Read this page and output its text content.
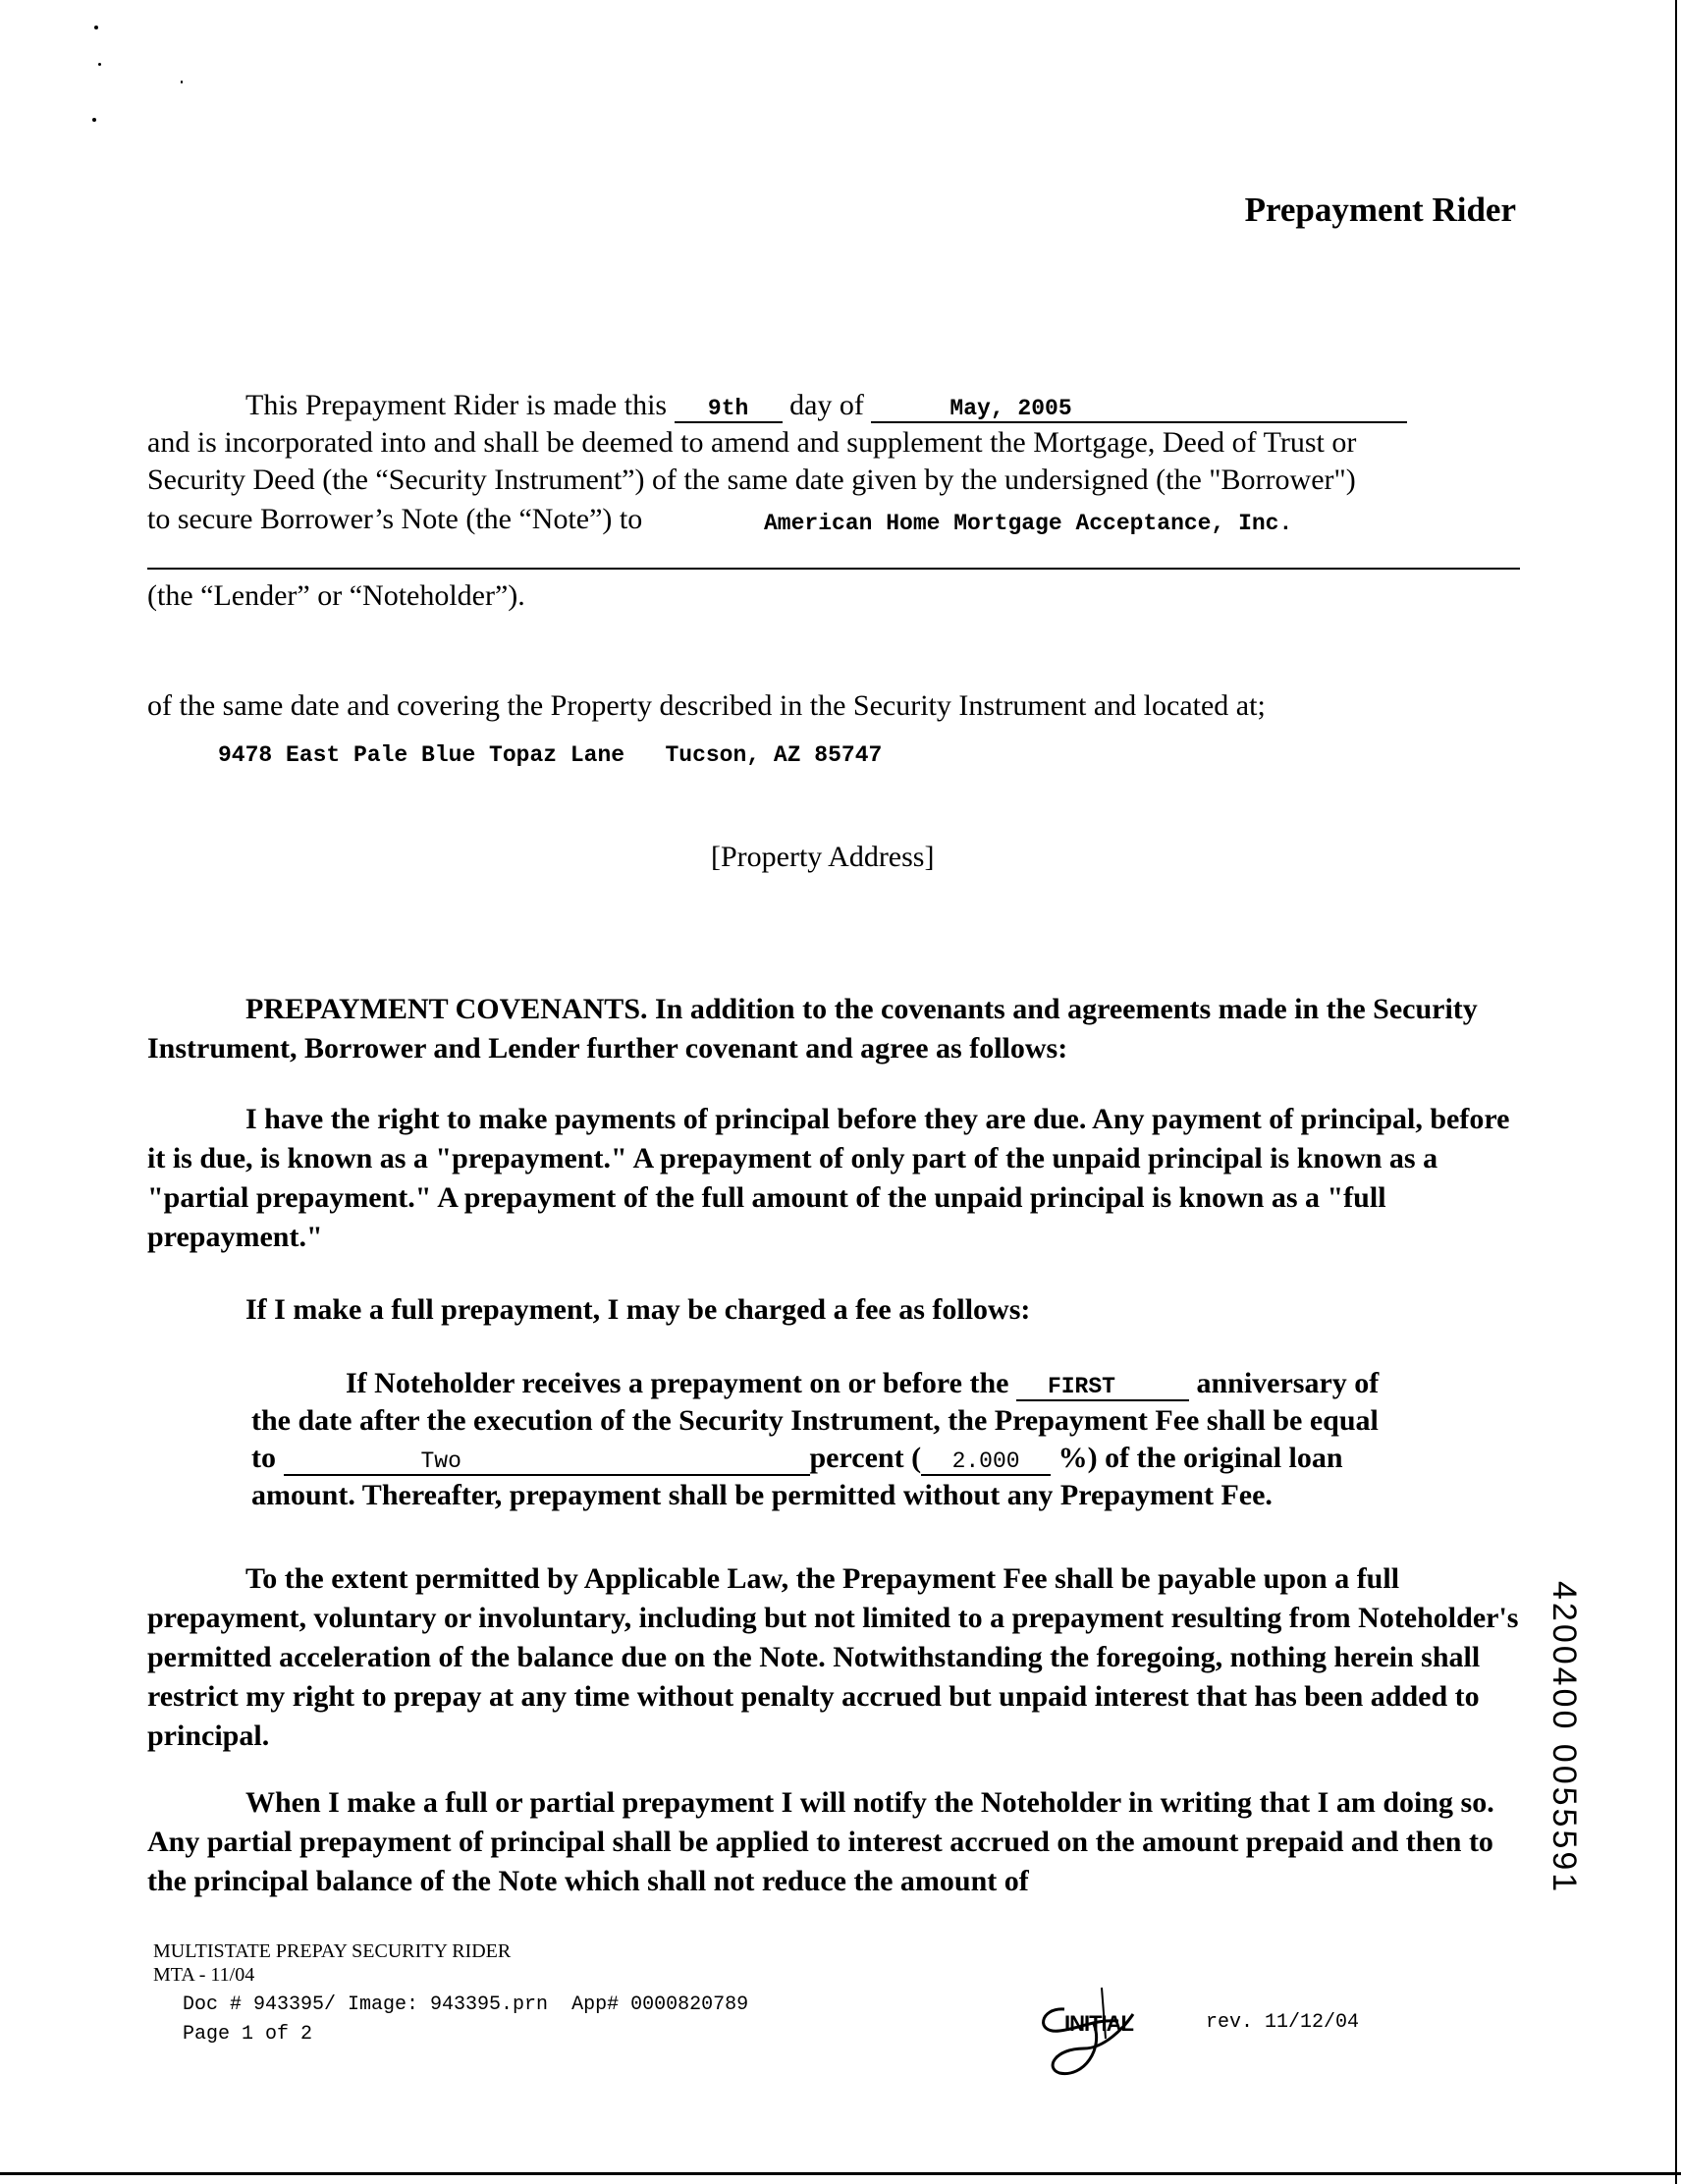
Prepayment Rider
This Prepayment Rider is made this 9th day of	May, 2005
and is incorporated into and shall be deemed to amend and supplement the Mortgage, Deed of Trust or
Security Deed (the “Security Instrument”) of the same date given by the undersigned (the "Borrower")
to secure Borrower’s Note (the “Note”) to	American Home Mortgage Acceptance, Inc.
(the “Lender” or “Noteholder”).
of the same date and covering the Property described in the Security Instrument and located at;
9478 East Pale Blue Topaz Lane   Tucson, AZ 85747
[Property Address]

PREPAYMENT COVENANTS. In addition to the covenants and agreements made in the Security Instrument, Borrower and Lender further covenant and agree as follows:

I have the right to make payments of principal before they are due. Any payment of principal, before it is due, is known as a "prepayment." A prepayment of only part of the unpaid principal is known as a "partial prepayment." A prepayment of the full amount of the unpaid principal is known as a "full prepayment."

If I make a full prepayment, I may be charged a fee as follows:

If Noteholder receives a prepayment on or before the FIRST	anniversary of
the date after the execution of the Security Instrument, the Prepayment Fee shall be equal
to	Two	percent ( 2.000 %) of the original loan
amount. Thereafter, prepayment shall be permitted without any Prepayment Fee.

To the extent permitted by Applicable Law, the Prepayment Fee shall be payable upon a full prepayment, voluntary or involuntary, including but not limited to a prepayment resulting from Noteholder's permitted acceleration of the balance due on the Note. Notwithstanding the foregoing, nothing herein shall restrict my right to prepay at any time without penalty accrued but unpaid interest that has been added to principal.

When I make a full or partial prepayment I will notify the Noteholder in writing that I am doing so. Any partial prepayment of principal shall be applied to interest accrued on the amount prepaid and then to the principal balance of the Note which shall not reduce the amount of

MULTISTATE PREPAY SECURITY RIDER
MTA - 11/04
Doc # 943395/ Image: 943395.prn  App# 0000820789
Page 1 of 2	INITIAL	rev. 11/12/04
4200400 0055591
